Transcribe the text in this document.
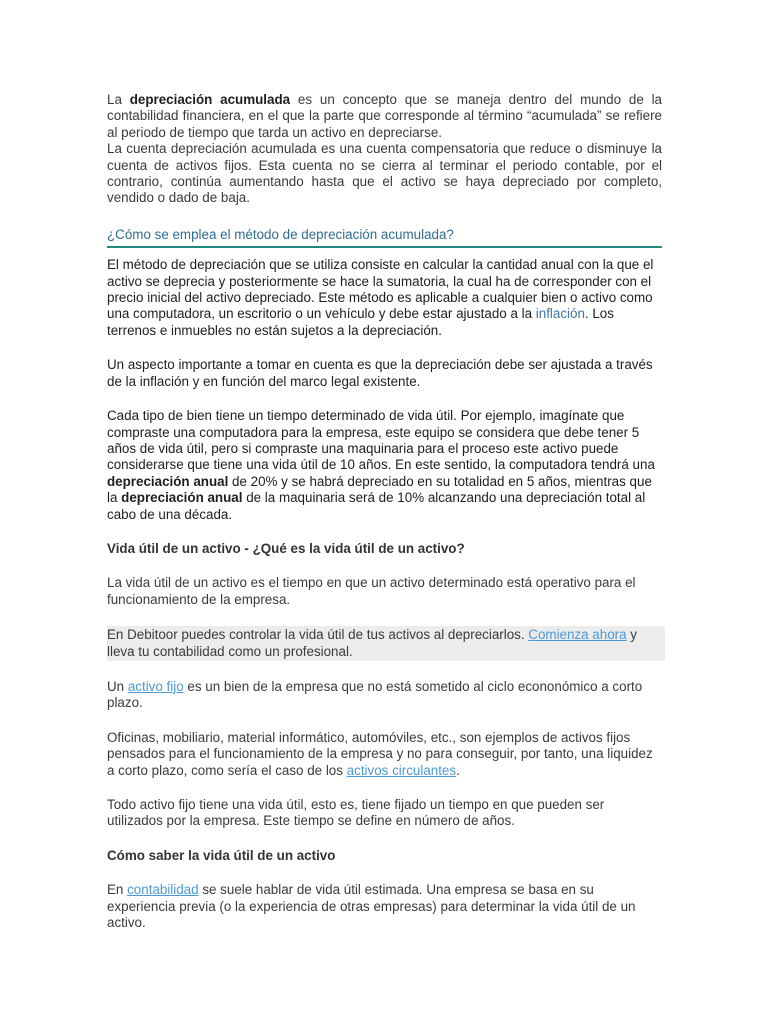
La depreciación acumulada es un concepto que se maneja dentro del mundo de la contabilidad financiera, en el que la parte que corresponde al término “acumulada” se refiere al periodo de tiempo que tarda un activo en depreciarse.

La cuenta depreciación acumulada es una cuenta compensatoria que reduce o disminuye la cuenta de activos fijos. Esta cuenta no se cierra al terminar el periodo contable, por el contrario, continúa aumentando hasta que el activo se haya depreciado por completo, vendido o dado de baja.

¿Cómo se emplea el método de depreciación acumulada?

El método de depreciación que se utiliza consiste en calcular la cantidad anual con la que el activo se deprecia y posteriormente se hace la sumatoria, la cual ha de corresponder con el precio inicial del activo depreciado. Este método es aplicable a cualquier bien o activo como una computadora, un escritorio o un vehículo y debe estar ajustado a la inflación. Los terrenos e inmuebles no están sujetos a la depreciación.

Un aspecto importante a tomar en cuenta es que la depreciación debe ser ajustada a través de la inflación y en función del marco legal existente.

Cada tipo de bien tiene un tiempo determinado de vida útil. Por ejemplo, imagínate que compraste una computadora para la empresa, este equipo se considera que debe tener 5 años de vida útil, pero si compraste una maquinaria para el proceso este activo puede considerarse que tiene una vida útil de 10 años. En este sentido, la computadora tendrá una depreciación anual de 20% y se habrá depreciado en su totalidad en 5 años, mientras que la depreciación anual de la maquinaria será de 10% alcanzando una depreciación total al cabo de una década.

Vida útil de un activo - ¿Qué es la vida útil de un activo?

La vida útil de un activo es el tiempo en que un activo determinado está operativo para el funcionamiento de la empresa.

En Debitoor puedes controlar la vida útil de tus activos al depreciarlos. Comienza ahora y lleva tu contabilidad como un profesional.

Un activo fijo es un bien de la empresa que no está sometido al ciclo econonómico a corto plazo.

Oficinas, mobiliario, material informático, automóviles, etc., son ejemplos de activos fijos pensados para el funcionamiento de la empresa y no para conseguir, por tanto, una liquidez a corto plazo, como sería el caso de los activos circulantes.

Todo activo fijo tiene una vida útil, esto es, tiene fijado un tiempo en que pueden ser utilizados por la empresa. Este tiempo se define en número de años.

Cómo saber la vida útil de un activo

En contabilidad se suele hablar de vida útil estimada. Una empresa se basa en su experiencia previa (o la experiencia de otras empresas) para determinar la vida útil de un activo.
